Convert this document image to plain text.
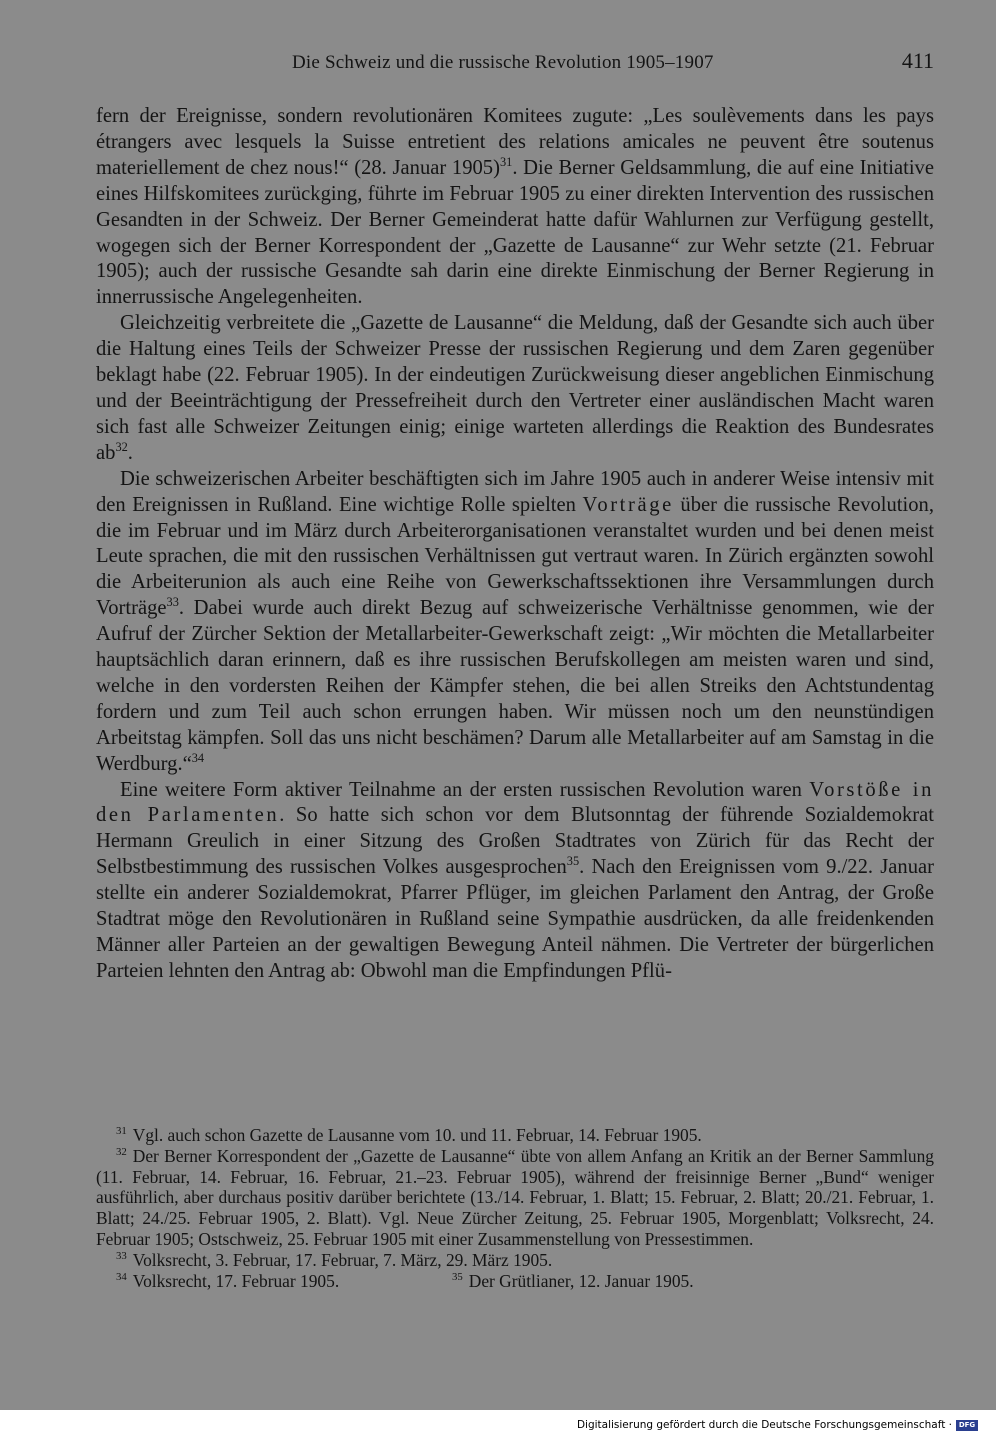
Die Schweiz und die russische Revolution 1905–1907	411

fern der Ereignisse, sondern revolutionären Komitees zugute: „Les soulèvements dans les pays étrangers avec lesquels la Suisse entretient des relations amicales ne peuvent être soutenus materiellement de chez nous!“ (28. Januar 1905)$^{31}$. Die Berner Geldsammlung, die auf eine Initiative eines Hilfskomitees zurückging, führte im Februar 1905 zu einer direkten Intervention des russischen Gesandten in der Schweiz. Der Berner Gemeinderat hatte dafür Wahlurnen zur Verfügung gestellt, wogegen sich der Berner Korrespondent der „Gazette de Lausanne“ zur Wehr setzte (21. Februar 1905); auch der russische Gesandte sah darin eine direkte Einmischung der Berner Regierung in innerrussische Angelegenheiten.

Gleichzeitig verbreitete die „Gazette de Lausanne“ die Meldung, daß der Gesandte sich auch über die Haltung eines Teils der Schweizer Presse der russischen Regierung und dem Zaren gegenüber beklagt habe (22. Februar 1905). In der eindeutigen Zurückweisung dieser angeblichen Einmischung und der Beeinträchtigung der Pressefreiheit durch den Vertreter einer ausländischen Macht waren sich fast alle Schweizer Zeitungen einig; einige warteten allerdings die Reaktion des Bundesrates $ab^{32}$.

Die schweizerischen Arbeiter beschäftigten sich im Jahre 1905 auch in anderer Weise intensiv mit den Ereignissen in Rußland. Eine wichtige Rolle spielten Vorträge über die russische Revolution, die im Februar und im März durch Arbeiterorganisationen veranstaltet wurden und bei denen meist Leute sprachen, die mit den russischen Verhältnissen gut vertraut waren. In Zürich ergänzten sowohl die Arbeiterunion als auch eine Reihe von Gewerkschaftssektionen ihre Versammlungen durch Vorträge$^{33}$. Dabei wurde auch direkt Bezug auf schweizerische Verhältnisse genommen, wie der Aufruf der Zürcher Sektion der Metallarbeiter-Gewerkschaft zeigt: „Wir möchten die Metallarbeiter hauptsächlich daran erinnern, daß es ihre russischen Berufskollegen am meisten waren und sind, welche in den vordersten Reihen der Kämpfer stehen, die bei allen Streiks den Achtstundentag fordern und zum Teil auch schon errungen haben. Wir müssen noch um den neunstündigen Arbeitstag kämpfen. Soll das uns nicht beschämen? Darum alle Metallarbeiter auf am Samstag in die Werdburg.“$^{34}$

Eine weitere Form aktiver Teilnahme an der ersten russischen Revolution waren Vorstöße in den Parlamenten. So hatte sich schon vor dem Blutsonntag der führende Sozialdemokrat Hermann Greulich in einer Sitzung des Großen Stadtrates von Zürich für das Recht der Selbstbestimmung des russischen Volkes ausgesprochen$^{35}$. Nach den Ereignissen vom 9./22. Januar stellte ein anderer Sozialdemokrat, Pfarrer Pflüger, im gleichen Parlament den Antrag, der Große Stadtrat möge den Revolutionären in Rußland seine Sympathie ausdrücken, da alle freidenkenden Männer aller Parteien an der gewaltigen Bewegung Anteil nähmen. Die Vertreter der bürgerlichen Parteien lehnten den Antrag ab: Obwohl man die Empfindungen Pflü-

$^{31}$ Vgl. auch schon Gazette de Lausanne vom 10. und 11. Februar, 14. Februar 1905.

$^{32}$ Der Berner Korrespondent der „Gazette de Lausanne“ übte von allem Anfang an Kritik an der Berner Sammlung (11. Februar, 14. Februar, 16. Februar, 21.–23. Februar 1905), während der freisinnige Berner „Bund“ weniger ausführlich, aber durchaus positiv darüber berichtete (13./14. Februar, 1. Blatt; 15. Februar, 2. Blatt; 20./21. Februar, 1. Blatt; 24./25. Februar 1905, 2. Blatt). Vgl. Neue Zürcher Zeitung, 25. Februar 1905, Morgenblatt; Volksrecht, 24. Februar 1905; Ostschweiz, 25. Februar 1905 mit einer Zusammenstellung von Pressestimmen.

$^{33}$ Volksrecht, 3. Februar, 17. Februar, 7. März, 29. März 1905.

$^{34}$ Volksrecht, 17. Februar 1905.	$^{35}$ Der Grütlianer, 12. Januar 1905.

Digitalisierung gefördert durch die Deutsche Forschungsgemeinschaft · DFG
